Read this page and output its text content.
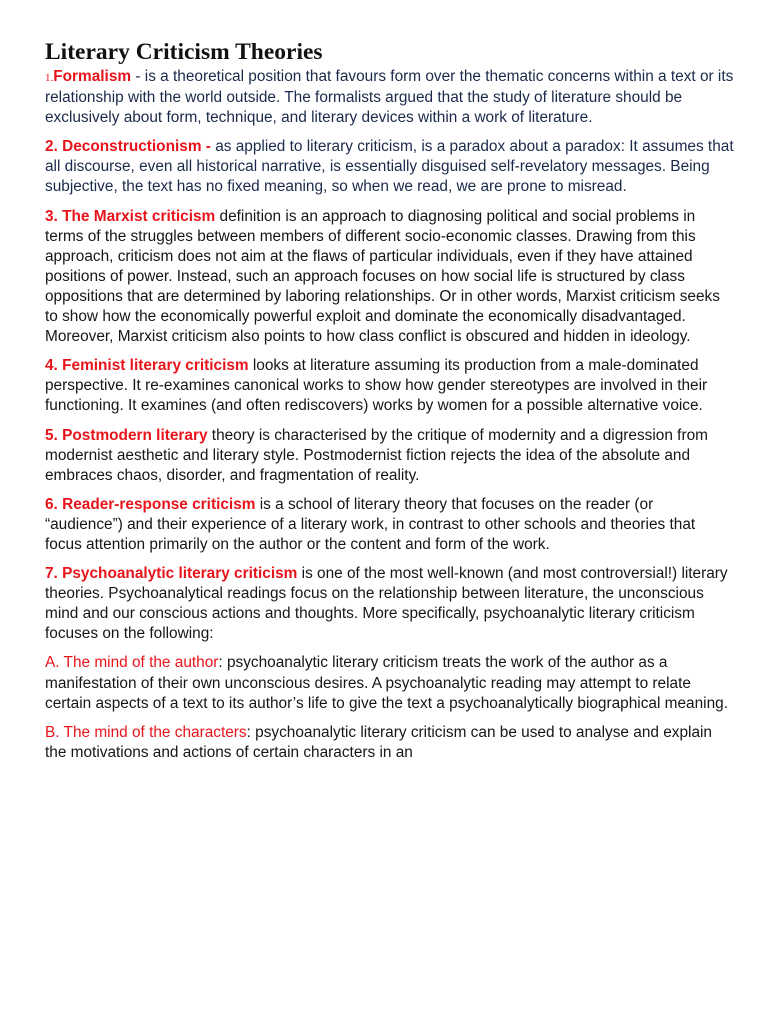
Literary Criticism Theories

1.Formalism - is a theoretical position that favours form over the thematic concerns within a text or its relationship with the world outside. The formalists argued that the study of literature should be exclusively about form, technique, and literary devices within a work of literature.

2. Deconstructionism - as applied to literary criticism, is a paradox about a paradox: It assumes that all discourse, even all historical narrative, is essentially disguised self-revelatory messages. Being subjective, the text has no fixed meaning, so when we read, we are prone to misread.

3. The Marxist criticism definition is an approach to diagnosing political and social problems in terms of the struggles between members of different socio-economic classes. Drawing from this approach, criticism does not aim at the flaws of particular individuals, even if they have attained positions of power. Instead, such an approach focuses on how social life is structured by class oppositions that are determined by laboring relationships. Or in other words, Marxist criticism seeks to show how the economically powerful exploit and dominate the economically disadvantaged. Moreover, Marxist criticism also points to how class conflict is obscured and hidden in ideology.

4. Feminist literary criticism looks at literature assuming its production from a male-dominated perspective. It re-examines canonical works to show how gender stereotypes are involved in their functioning. It examines (and often rediscovers) works by women for a possible alternative voice.

5. Postmodern literary theory is characterised by the critique of modernity and a digression from modernist aesthetic and literary style. Postmodernist fiction rejects the idea of the absolute and embraces chaos, disorder, and fragmentation of reality.

6. Reader-response criticism is a school of literary theory that focuses on the reader (or “audience”) and their experience of a literary work, in contrast to other schools and theories that focus attention primarily on the author or the content and form of the work.

7. Psychoanalytic literary criticism is one of the most well-known (and most controversial!) literary theories. Psychoanalytical readings focus on the relationship between literature, the unconscious mind and our conscious actions and thoughts. More specifically, psychoanalytic literary criticism focuses on the following:

A. The mind of the author: psychoanalytic literary criticism treats the work of the author as a manifestation of their own unconscious desires. A psychoanalytic reading may attempt to relate certain aspects of a text to its author’s life to give the text a psychoanalytically biographical meaning.

B. The mind of the characters: psychoanalytic literary criticism can be used to analyse and explain the motivations and actions of certain characters in an
